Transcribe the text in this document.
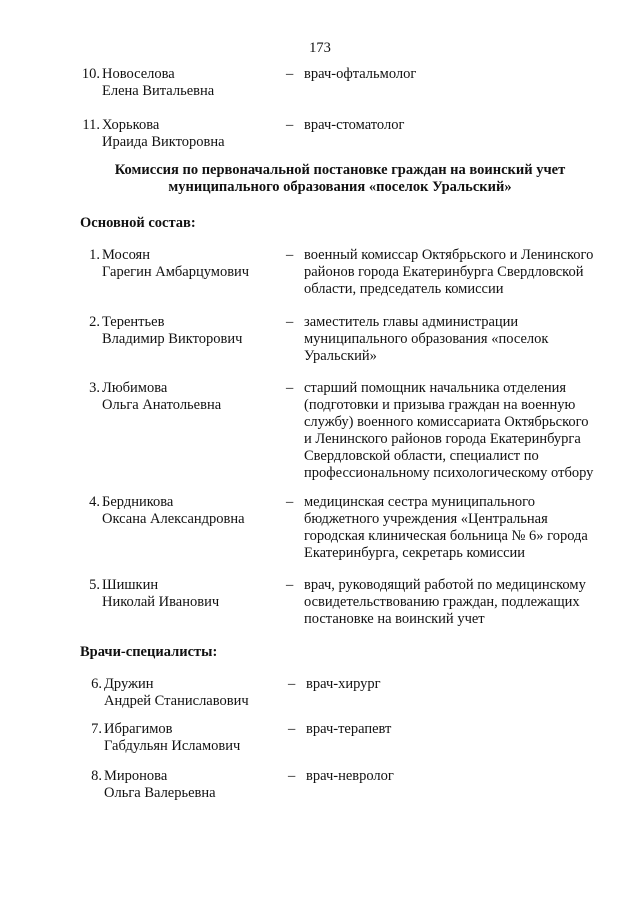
173
10. Новоселова
Елена Витальевна
– врач-офтальмолог
11. Хорькова
Ираида Викторовна
– врач-стоматолог
Комиссия по первоначальной постановке граждан на воинский учет
муниципального образования «поселок Уральский»
Основной состав:
1. Мосоян
Гарегин Амбарцумович
– военный комиссар Октябрьского и Ленинского
районов города Екатеринбурга Свердловской
области, председатель комиссии
2. Терентьев
Владимир Викторович
– заместитель главы администрации
муниципального образования «поселок
Уральский»
3. Любимова
Ольга Анатольевна
– старший помощник начальника отделения
(подготовки и призыва граждан на военную
службу) военного комиссариата Октябрьского
и Ленинского районов города Екатеринбурга
Свердловской области, специалист по
профессиональному психологическому отбору
4. Бердникова
Оксана Александровна
– медицинская сестра муниципального
бюджетного учреждения «Центральная
городская клиническая больница № 6» города
Екатеринбурга, секретарь комиссии
5. Шишкин
Николай Иванович
– врач, руководящий работой по медицинскому
освидетельствованию граждан, подлежащих
постановке на воинский учет
Врачи-специалисты:
6. Дружин
Андрей Станиславович
– врач-хирург
7. Ибрагимов
Габдульян Исламович
– врач-терапевт
8. Миронова
Ольга Валерьевна
– врач-невролог
